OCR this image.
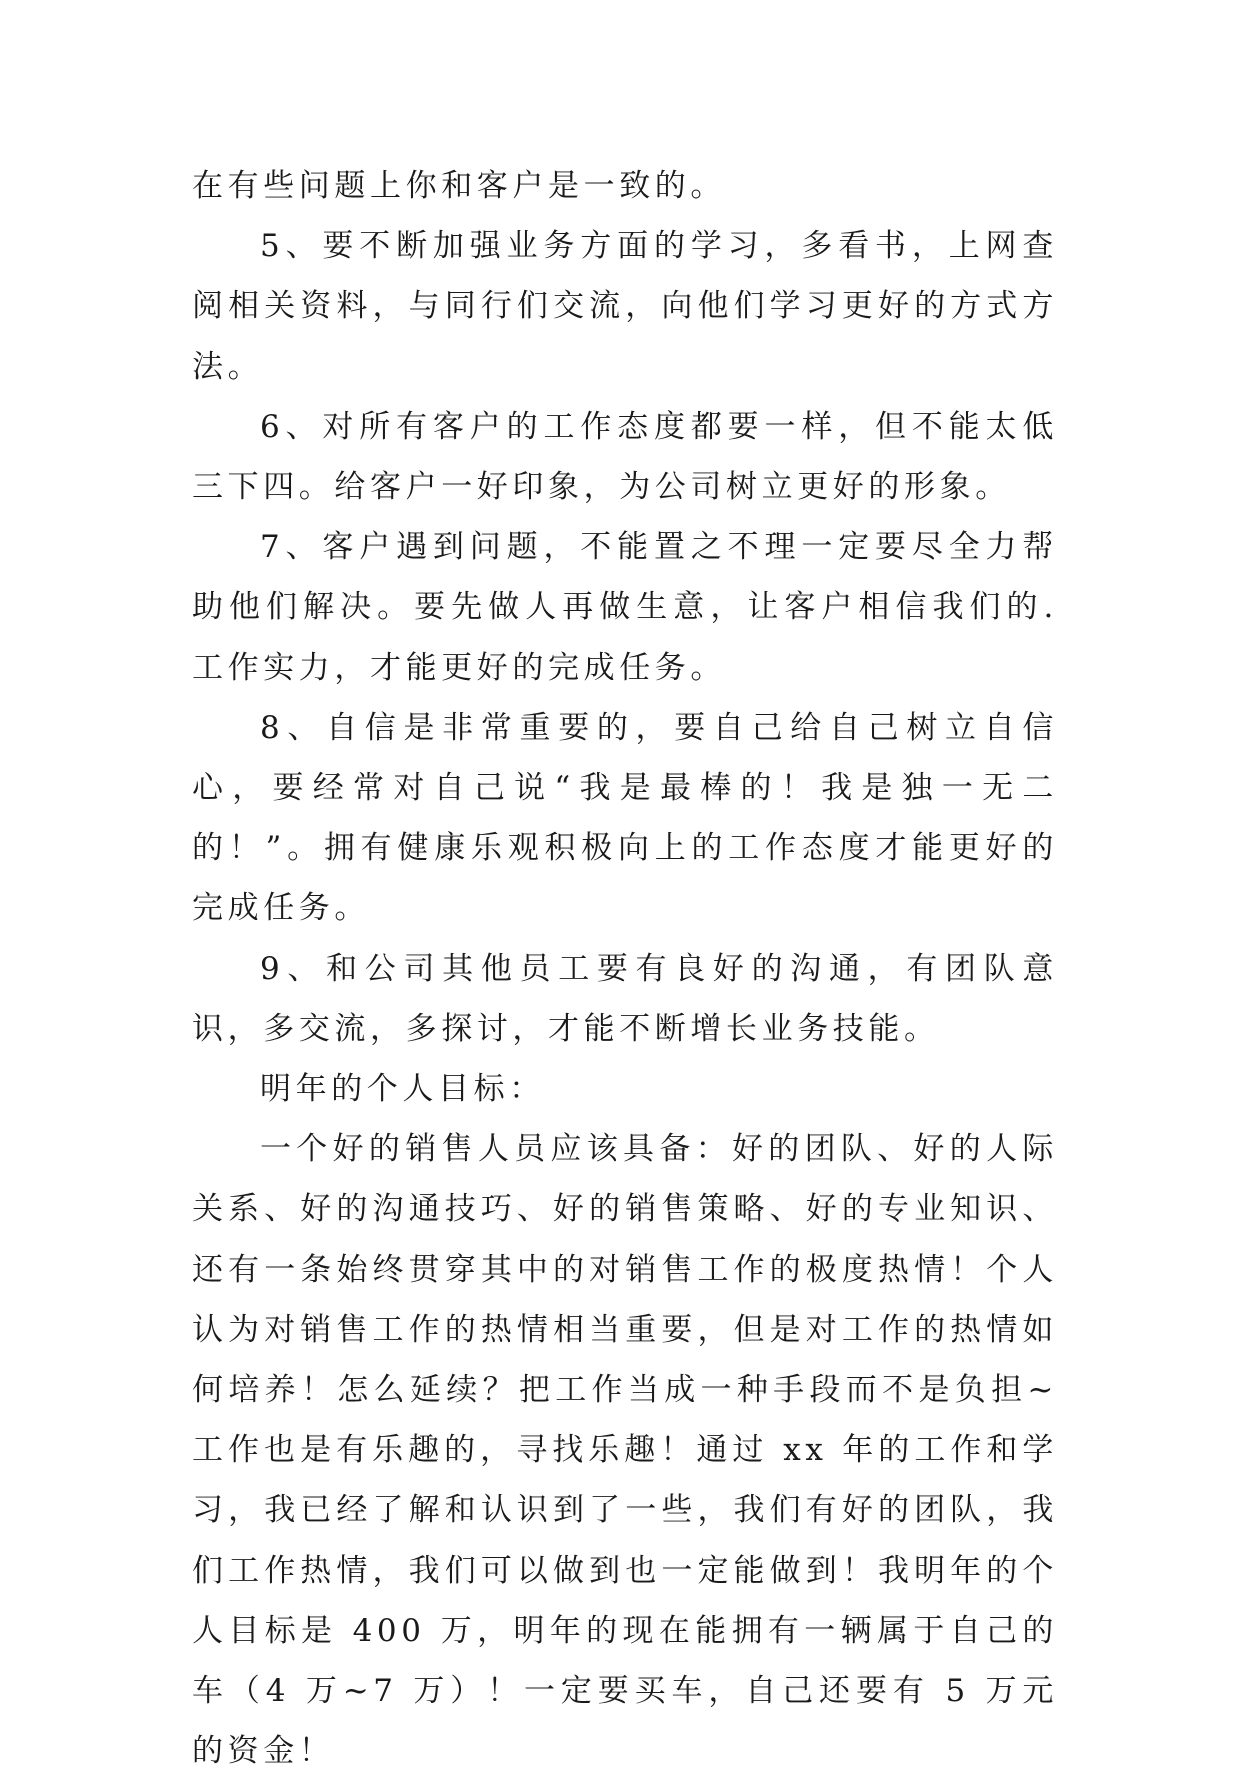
在有些问题上你和客户是一致的。

5、要不断加强业务方面的学习，多看书，上网查阅相关资料，与同行们交流，向他们学习更好的方式方法。

6、对所有客户的工作态度都要一样，但不能太低三下四。给客户一好印象，为公司树立更好的形象。

7、客户遇到问题，不能置之不理一定要尽全力帮助他们解决。要先做人再做生意，让客户相信我们的.工作实力，才能更好的完成任务。

8、自信是非常重要的，要自己给自己树立自信心，要经常对自己说“我是最棒的！我是独一无二的！”。拥有健康乐观积极向上的工作态度才能更好的完成任务。

9、和公司其他员工要有良好的沟通，有团队意识，多交流，多探讨，才能不断增长业务技能。

明年的个人目标：

一个好的销售人员应该具备：好的团队、好的人际关系、好的沟通技巧、好的销售策略、好的专业知识、还有一条始终贯穿其中的对销售工作的极度热情！个人认为对销售工作的热情相当重要，但是对工作的热情如何培养！怎么延续？把工作当成一种手段而不是负担~工作也是有乐趣的，寻找乐趣！通过 xx 年的工作和学习，我已经了解和认识到了一些，我们有好的团队，我们工作热情，我们可以做到也一定能做到！我明年的个人目标是 400 万，明年的现在能拥有一辆属于自己的车（4 万~7 万）！一定要买车，自己还要有 5 万元的资金！
